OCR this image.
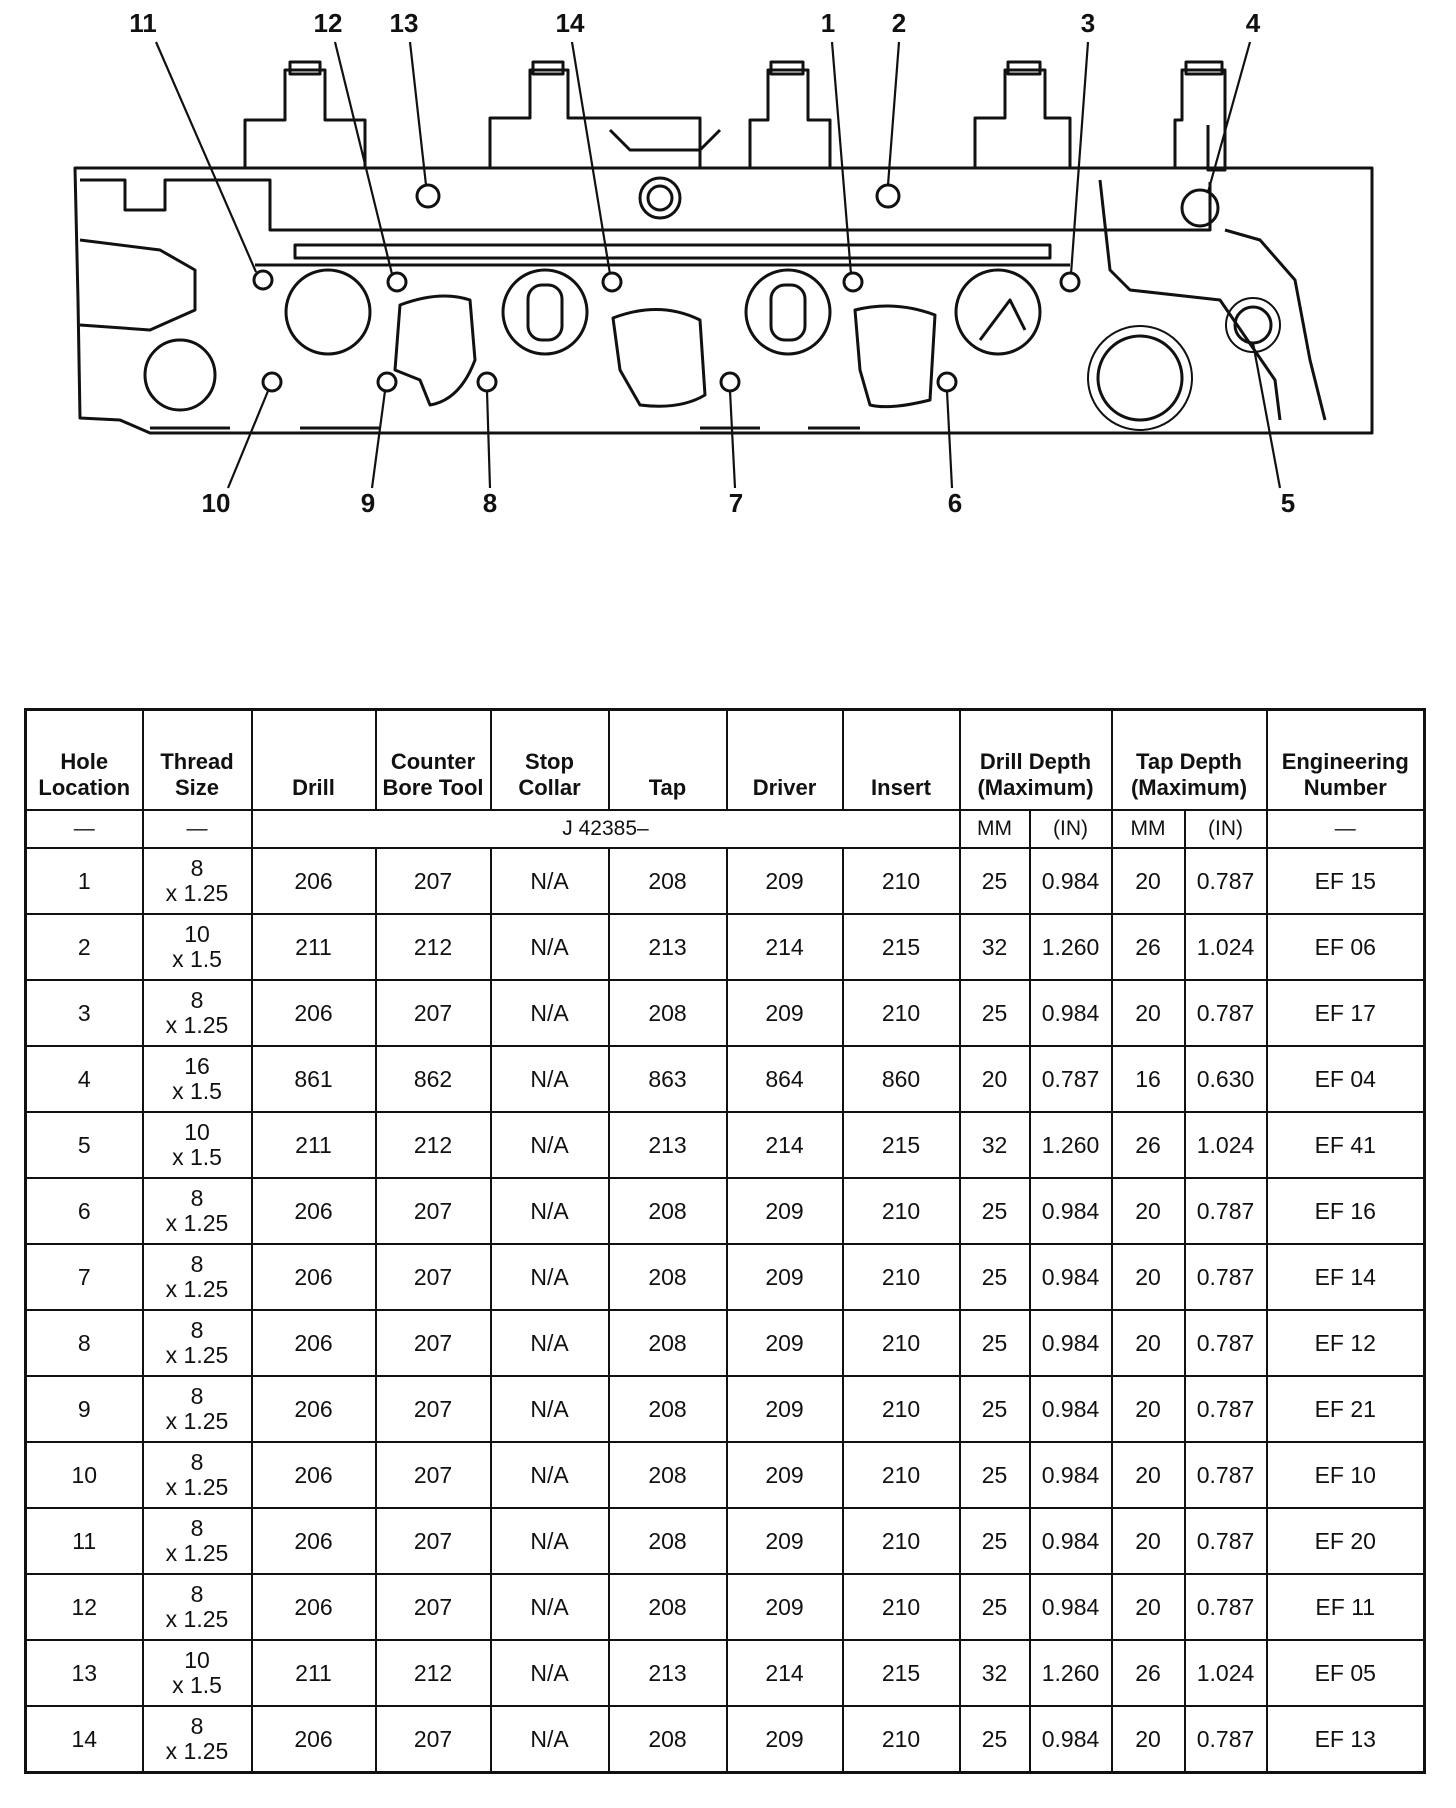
11	12 13	14	1 2	3	4
10	9	8	7	6	5
Hole Location	Thread Size	Drill	Counter Bore Tool	Stop Collar	Tap	Driver	Insert	Drill Depth (Maximum)		Tap Depth (Maximum)		Engineering Number
—	—	J 42385–						MM	(IN)	MM	(IN)	—
1	8
x 1.25	206	207	N/A	208	209	210	25	0.984	20	0.787	EF 15
2	10
x 1.5	211	212	N/A	213	214	215	32	1.260	26	1.024	EF 06
3	8
x 1.25	206	207	N/A	208	209	210	25	0.984	20	0.787	EF 17
4	16
x 1.5	861	862	N/A	863	864	860	20	0.787	16	0.630	EF 04
5	10
x 1.5	211	212	N/A	213	214	215	32	1.260	26	1.024	EF 41
6	8
x 1.25	206	207	N/A	208	209	210	25	0.984	20	0.787	EF 16
7	8
x 1.25	206	207	N/A	208	209	210	25	0.984	20	0.787	EF 14
8	8
x 1.25	206	207	N/A	208	209	210	25	0.984	20	0.787	EF 12
9	8
x 1.25	206	207	N/A	208	209	210	25	0.984	20	0.787	EF 21
10	8
x 1.25	206	207	N/A	208	209	210	25	0.984	20	0.787	EF 10
11	8
x 1.25	206	207	N/A	208	209	210	25	0.984	20	0.787	EF 20
12	8
x 1.25	206	207	N/A	208	209	210	25	0.984	20	0.787	EF 11
13	10
x 1.5	211	212	N/A	213	214	215	32	1.260	26	1.024	EF 05
14	8
x 1.25	206	207	N/A	208	209	210	25	0.984	20	0.787	EF 13
